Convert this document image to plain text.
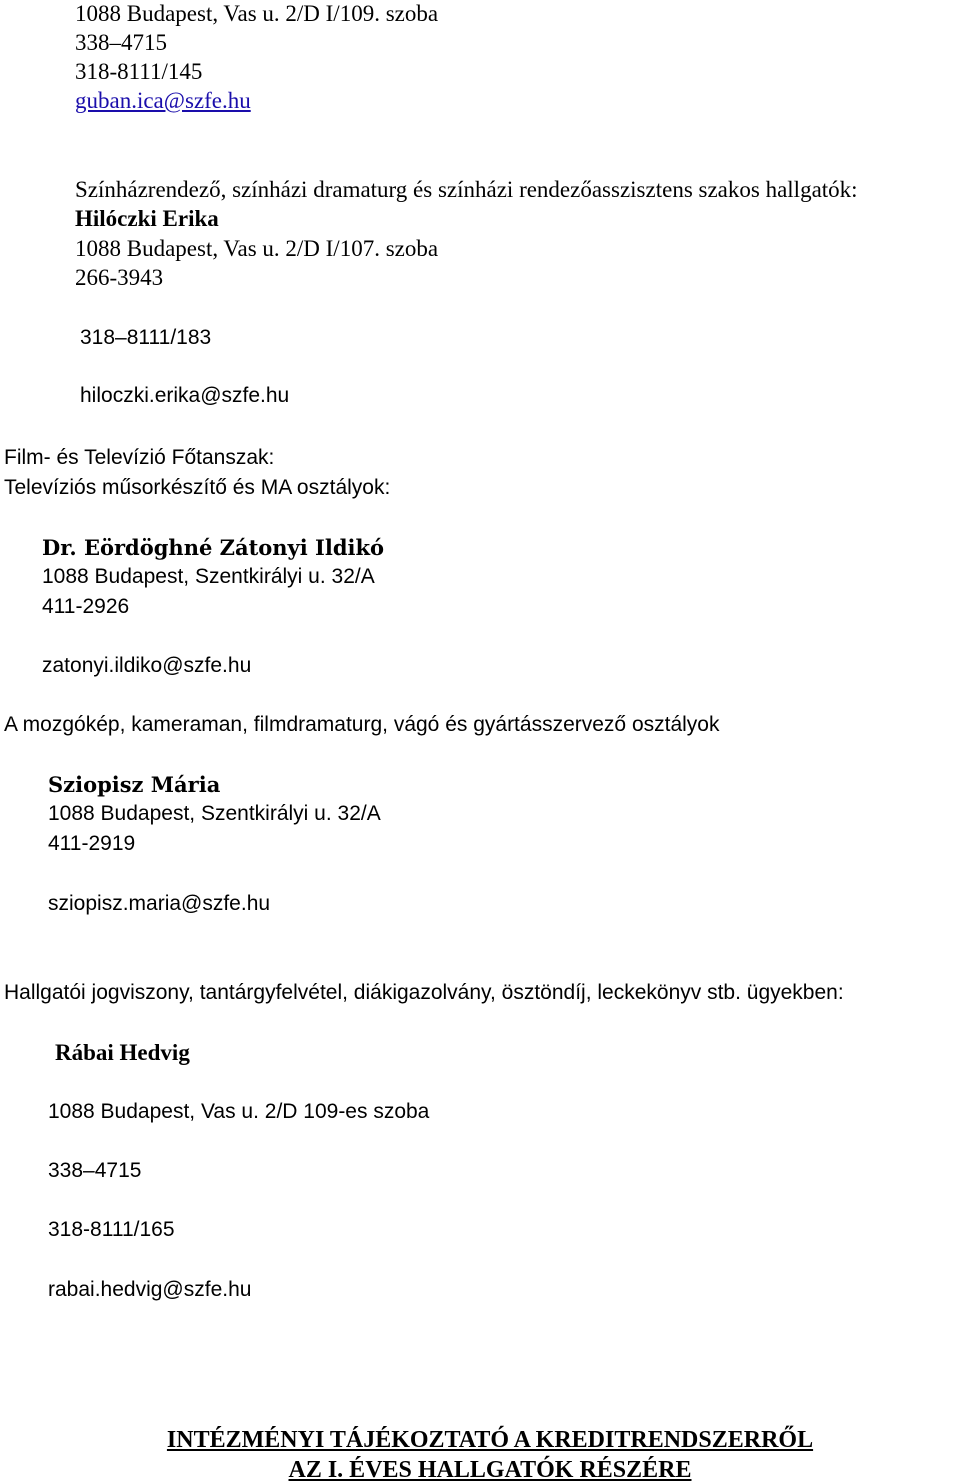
1088 Budapest, Vas u. 2/D I/109. szoba
338–4715
318-8111/145
guban.ica@szfe.hu
Színházrendező, színházi dramaturg és színházi rendezőasszisztens szakos hallgatók:
Hilóczki Erika
1088 Budapest, Vas u. 2/D I/107. szoba
266-3943
318–8111/183
hiloczki.erika@szfe.hu
Film- és Televízió Főtanszak:
Televíziós műsorkészítő és MA osztályok:
Dr. Eördöghné Zátonyi Ildikó
1088 Budapest, Szentkirályi u. 32/A
411-2926
zatonyi.ildiko@szfe.hu
A mozgókép, kameraman, filmdramaturg, vágó és gyártásszervező osztályok
Sziopisz Mária
1088 Budapest, Szentkirályi u. 32/A
411-2919
sziopisz.maria@szfe.hu
Hallgatói jogviszony, tantárgyfelvétel, diákigazolvány, ösztöndíj, leckekönyv stb. ügyekben:
Rábai Hedvig
1088 Budapest, Vas u. 2/D 109-es szoba
338–4715
318-8111/165
rabai.hedvig@szfe.hu
INTÉZMÉNYI TÁJÉKOZTATÓ A KREDITRENDSZERRŐL
AZ I. ÉVES HALLGATÓK RÉSZÉRE
